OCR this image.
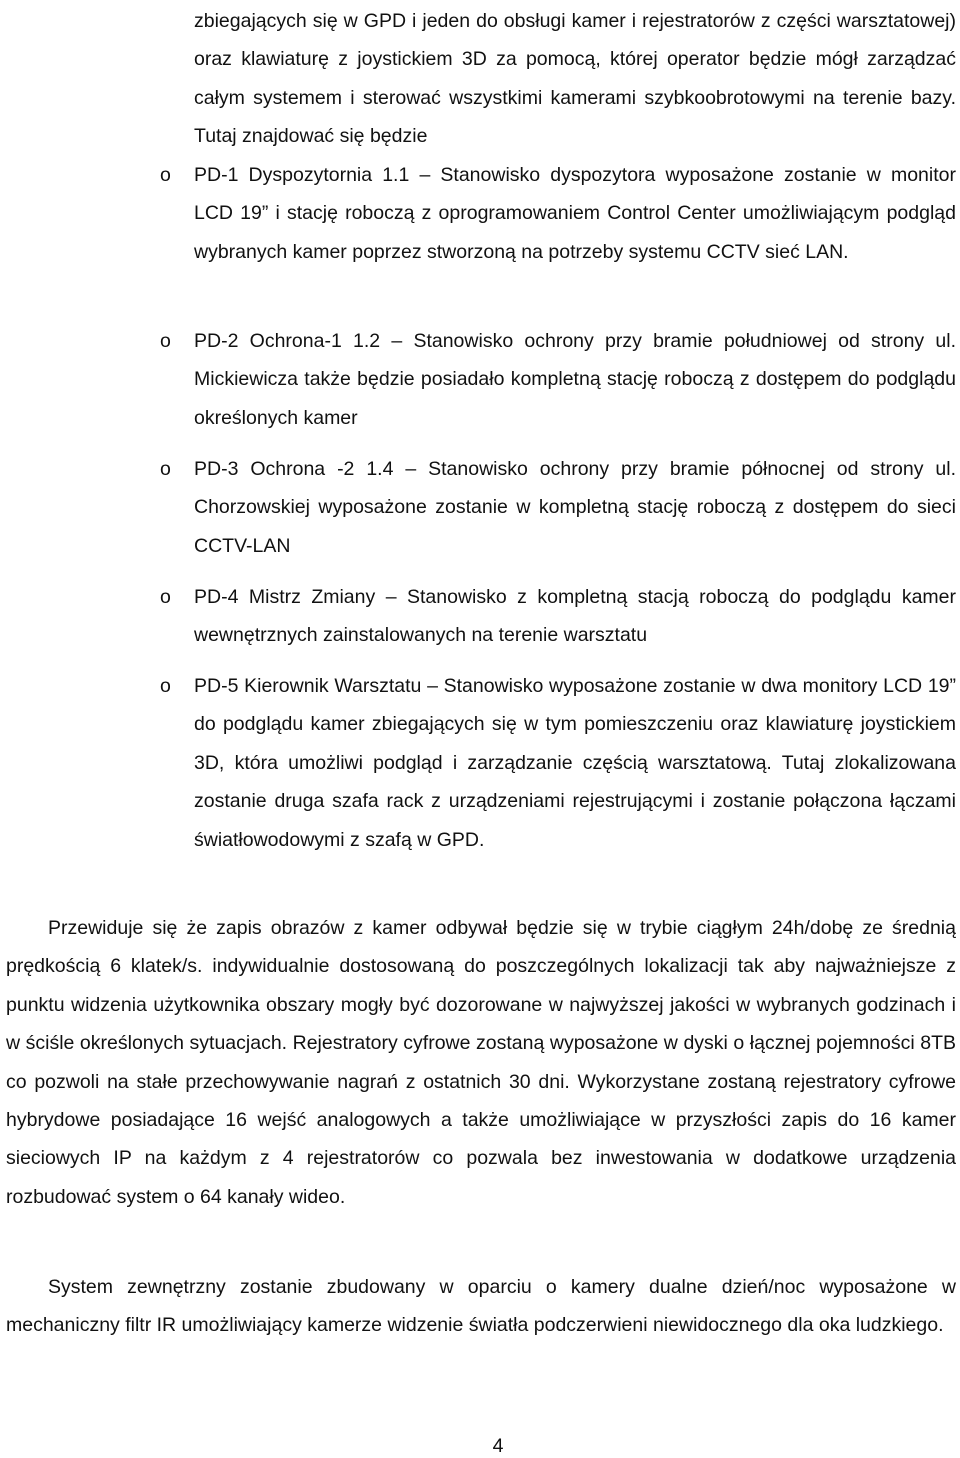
zbiegających się w GPD i jeden do obsługi kamer i rejestratorów z części warsztatowej) oraz klawiaturę z joystickiem 3D za pomocą, której operator będzie mógł zarządzać całym systemem i sterować wszystkimi kamerami szybkoobrotowymi na terenie bazy. Tutaj znajdować się będzie

o	PD-1 Dyspozytornia 1.1 – Stanowisko dyspozytora wyposażone zostanie w monitor LCD 19” i stację roboczą z oprogramowaniem Control Center umożliwiającym podgląd wybranych kamer poprzez stworzoną na potrzeby systemu CCTV sieć LAN.
o	PD-2 Ochrona-1 1.2 – Stanowisko ochrony przy bramie południowej od strony ul. Mickiewicza także będzie posiadało kompletną stację roboczą z dostępem do podglądu określonych kamer
o	PD-3 Ochrona -2 1.4 – Stanowisko ochrony przy bramie północnej od strony ul. Chorzowskiej wyposażone zostanie w kompletną stację roboczą z dostępem do sieci CCTV-LAN
o	PD-4 Mistrz Zmiany – Stanowisko z kompletną stacją roboczą do podglądu kamer wewnętrznych zainstalowanych na terenie warsztatu
o	PD-5 Kierownik Warsztatu – Stanowisko wyposażone zostanie w dwa monitory LCD 19” do podglądu kamer zbiegających się w tym pomieszczeniu oraz klawiaturę joystickiem 3D, która umożliwi podgląd i zarządzanie częścią warsztatową. Tutaj zlokalizowana zostanie druga szafa rack z urządzeniami rejestrującymi i zostanie połączona łączami światłowodowymi z szafą w GPD.

Przewiduje się że zapis obrazów z kamer odbywał będzie się w trybie ciągłym 24h/dobę ze średnią prędkością 6 klatek/s. indywidualnie dostosowaną do poszczególnych lokalizacji tak aby najważniejsze z punktu widzenia użytkownika obszary mogły być dozorowane w najwyższej jakości w wybranych godzinach i w ściśle określonych sytuacjach. Rejestratory cyfrowe zostaną wyposażone w dyski o łącznej pojemności 8TB co pozwoli na stałe przechowywanie nagrań z ostatnich 30 dni. Wykorzystane zostaną rejestratory cyfrowe hybrydowe posiadające 16 wejść analogowych a także umożliwiające w przyszłości zapis do 16 kamer sieciowych IP na każdym z 4 rejestratorów co pozwala bez inwestowania w dodatkowe urządzenia rozbudować system o 64 kanały wideo.

System zewnętrzny zostanie zbudowany w oparciu o kamery dualne dzień/noc wyposażone w mechaniczny filtr IR umożliwiający kamerze widzenie światła podczerwieni niewidocznego dla oka ludzkiego.

4
